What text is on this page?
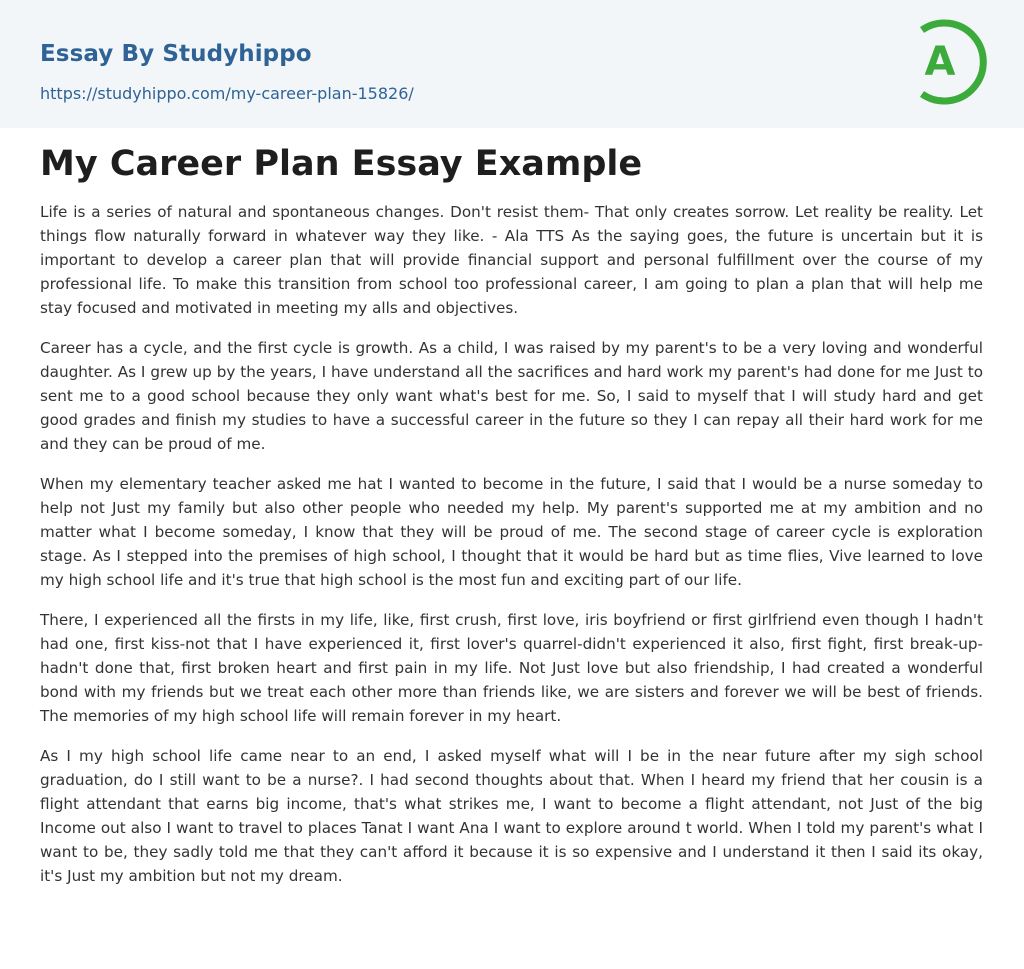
Essay By Studyhippo
https://studyhippo.com/my-career-plan-15826/
A
My Career Plan Essay Example

Life is a series of natural and spontaneous changes. Don't resist them- That only creates sorrow. Let reality be reality. Let things flow naturally forward in whatever way they like. - Ala TTS As the saying goes, the future is uncertain but it is important to develop a career plan that will provide financial support and personal fulfillment over the course of my professional life. To make this transition from school too professional career, I am going to plan a plan that will help me stay focused and motivated in meeting my alls and objectives.

Career has a cycle, and the first cycle is growth. As a child, I was raised by my parent's to be a very loving and wonderful daughter. As I grew up by the years, I have understand all the sacrifices and hard work my parent's had done for me Just to sent me to a good school because they only want what's best for me. So, I said to myself that I will study hard and get good grades and finish my studies to have a successful career in the future so they I can repay all their hard work for me and they can be proud of me.

When my elementary teacher asked me hat I wanted to become in the future, I said that I would be a nurse someday to help not Just my family but also other people who needed my help. My parent's supported me at my ambition and no matter what I become someday, I know that they will be proud of me. The second stage of career cycle is exploration stage. As I stepped into the premises of high school, I thought that it would be hard but as time flies, Vive learned to love my high school life and it's true that high school is the most fun and exciting part of our life.

There, I experienced all the firsts in my life, like, first crush, first love, iris boyfriend or first girlfriend even though I hadn't had one, first kiss-not that I have experienced it, first lover's quarrel-didn't experienced it also, first fight, first break-up- hadn't done that, first broken heart and first pain in my life. Not Just love but also friendship, I had created a wonderful bond with my friends but we treat each other more than friends like, we are sisters and forever we will be best of friends. The memories of my high school life will remain forever in my heart.

As I my high school life came near to an end, I asked myself what will I be in the near future after my sigh school graduation, do I still want to be a nurse?. I had second thoughts about that. When I heard my friend that her cousin is a flight attendant that earns big income, that's what strikes me, I want to become a flight attendant, not Just of the big Income out also I want to travel to places Tanat I want Ana I want to explore around t world. When I told my parent's what I want to be, they sadly told me that they can't afford it because it is so expensive and I understand it then I said its okay, it's Just my ambition but not my dream.
